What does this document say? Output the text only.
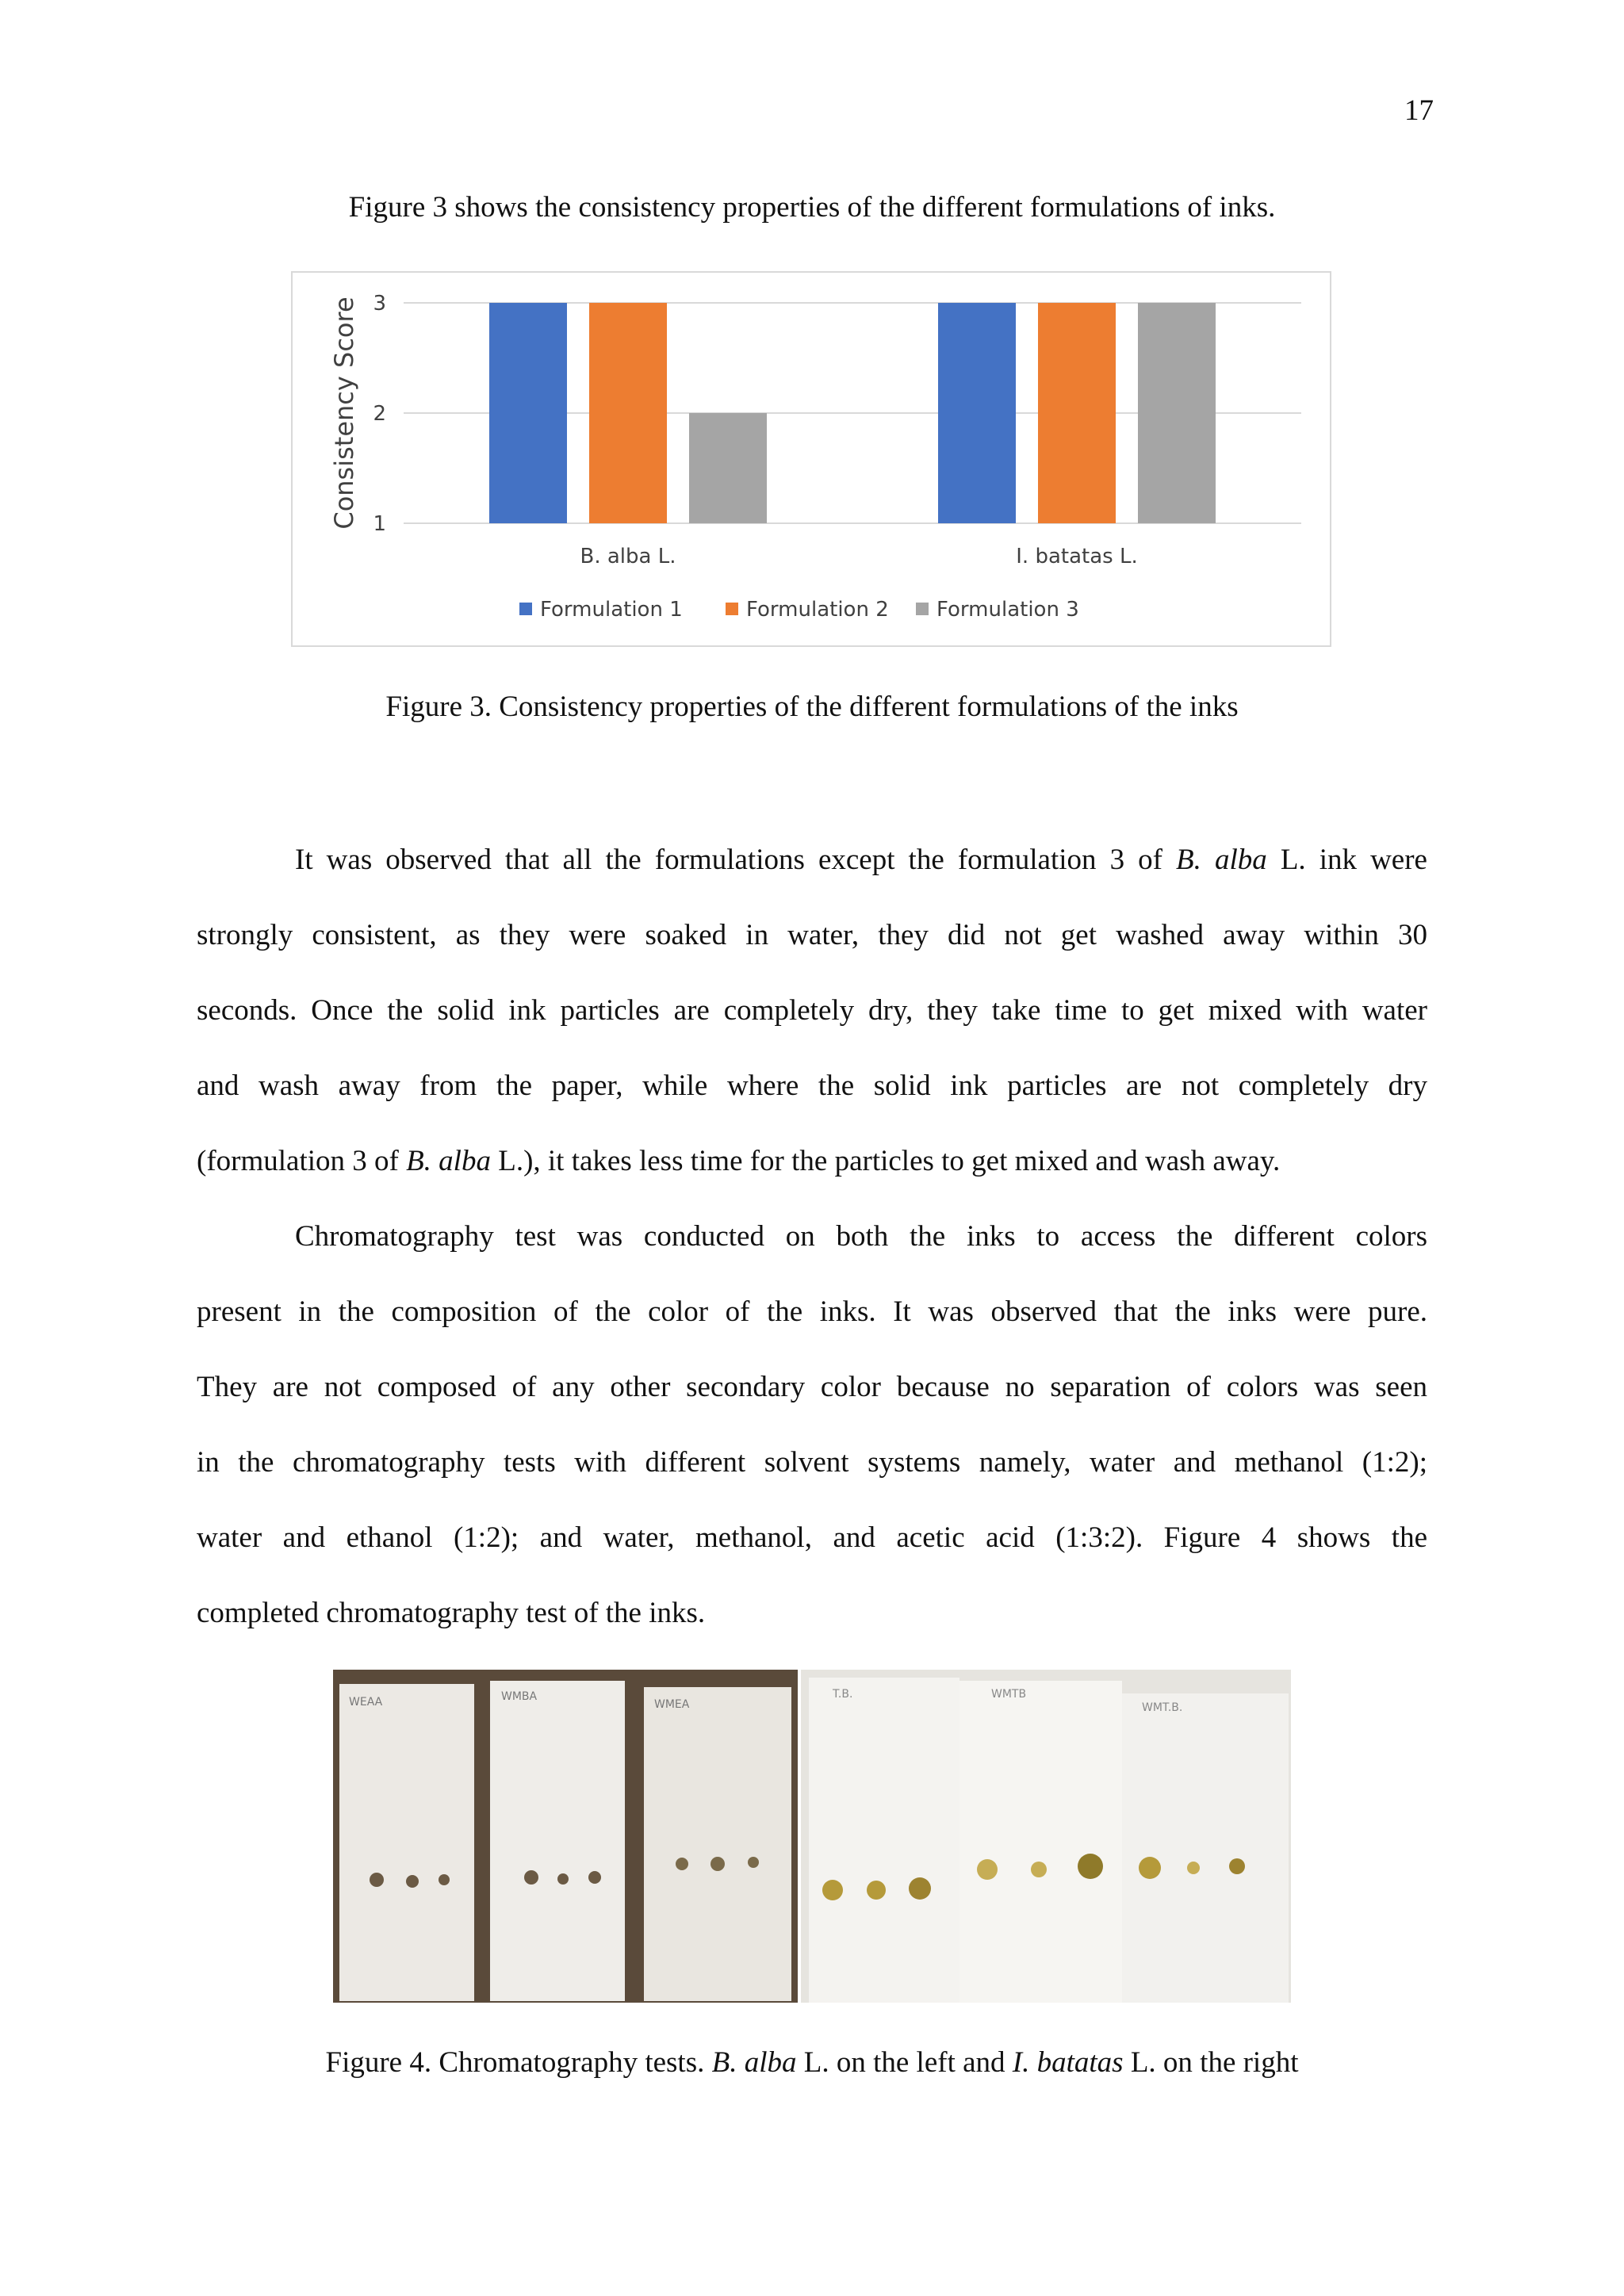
17
Figure 3 shows the consistency properties of the different formulations of inks.
1
2
3
Consistency Score
B. alba L.	I. batatas L.
Formulation 1	Formulation 2 Formulation 3
Figure 3. Consistency properties of the different formulations of the inks
It was observed that all the formulations except the formulation 3 of B. alba L. ink were
strongly consistent, as they were soaked in water, they did not get washed away within 30
seconds. Once the solid ink particles are completely dry, they take time to get mixed with water
and wash away from the paper, while where the solid ink particles are not completely dry
(formulation 3 of B. alba L.), it takes less time for the particles to get mixed and wash away.
Chromatography test was conducted on both the inks to access the different colors
present in the composition of the color of the inks. It was observed that the inks were pure.
They are not composed of any other secondary color because no separation of colors was seen
in the chromatography tests with different solvent systems namely, water and methanol (1:2);
water and ethanol (1:2); and water, methanol, and acetic acid (1:3:2). Figure 4 shows the
completed chromatography test of the inks.
WEAA	WMBA
WMEA
T.B.	WMTB
WMT.B.
Figure 4. Chromatography tests. B. alba L. on the left and I. batatas L. on the right
